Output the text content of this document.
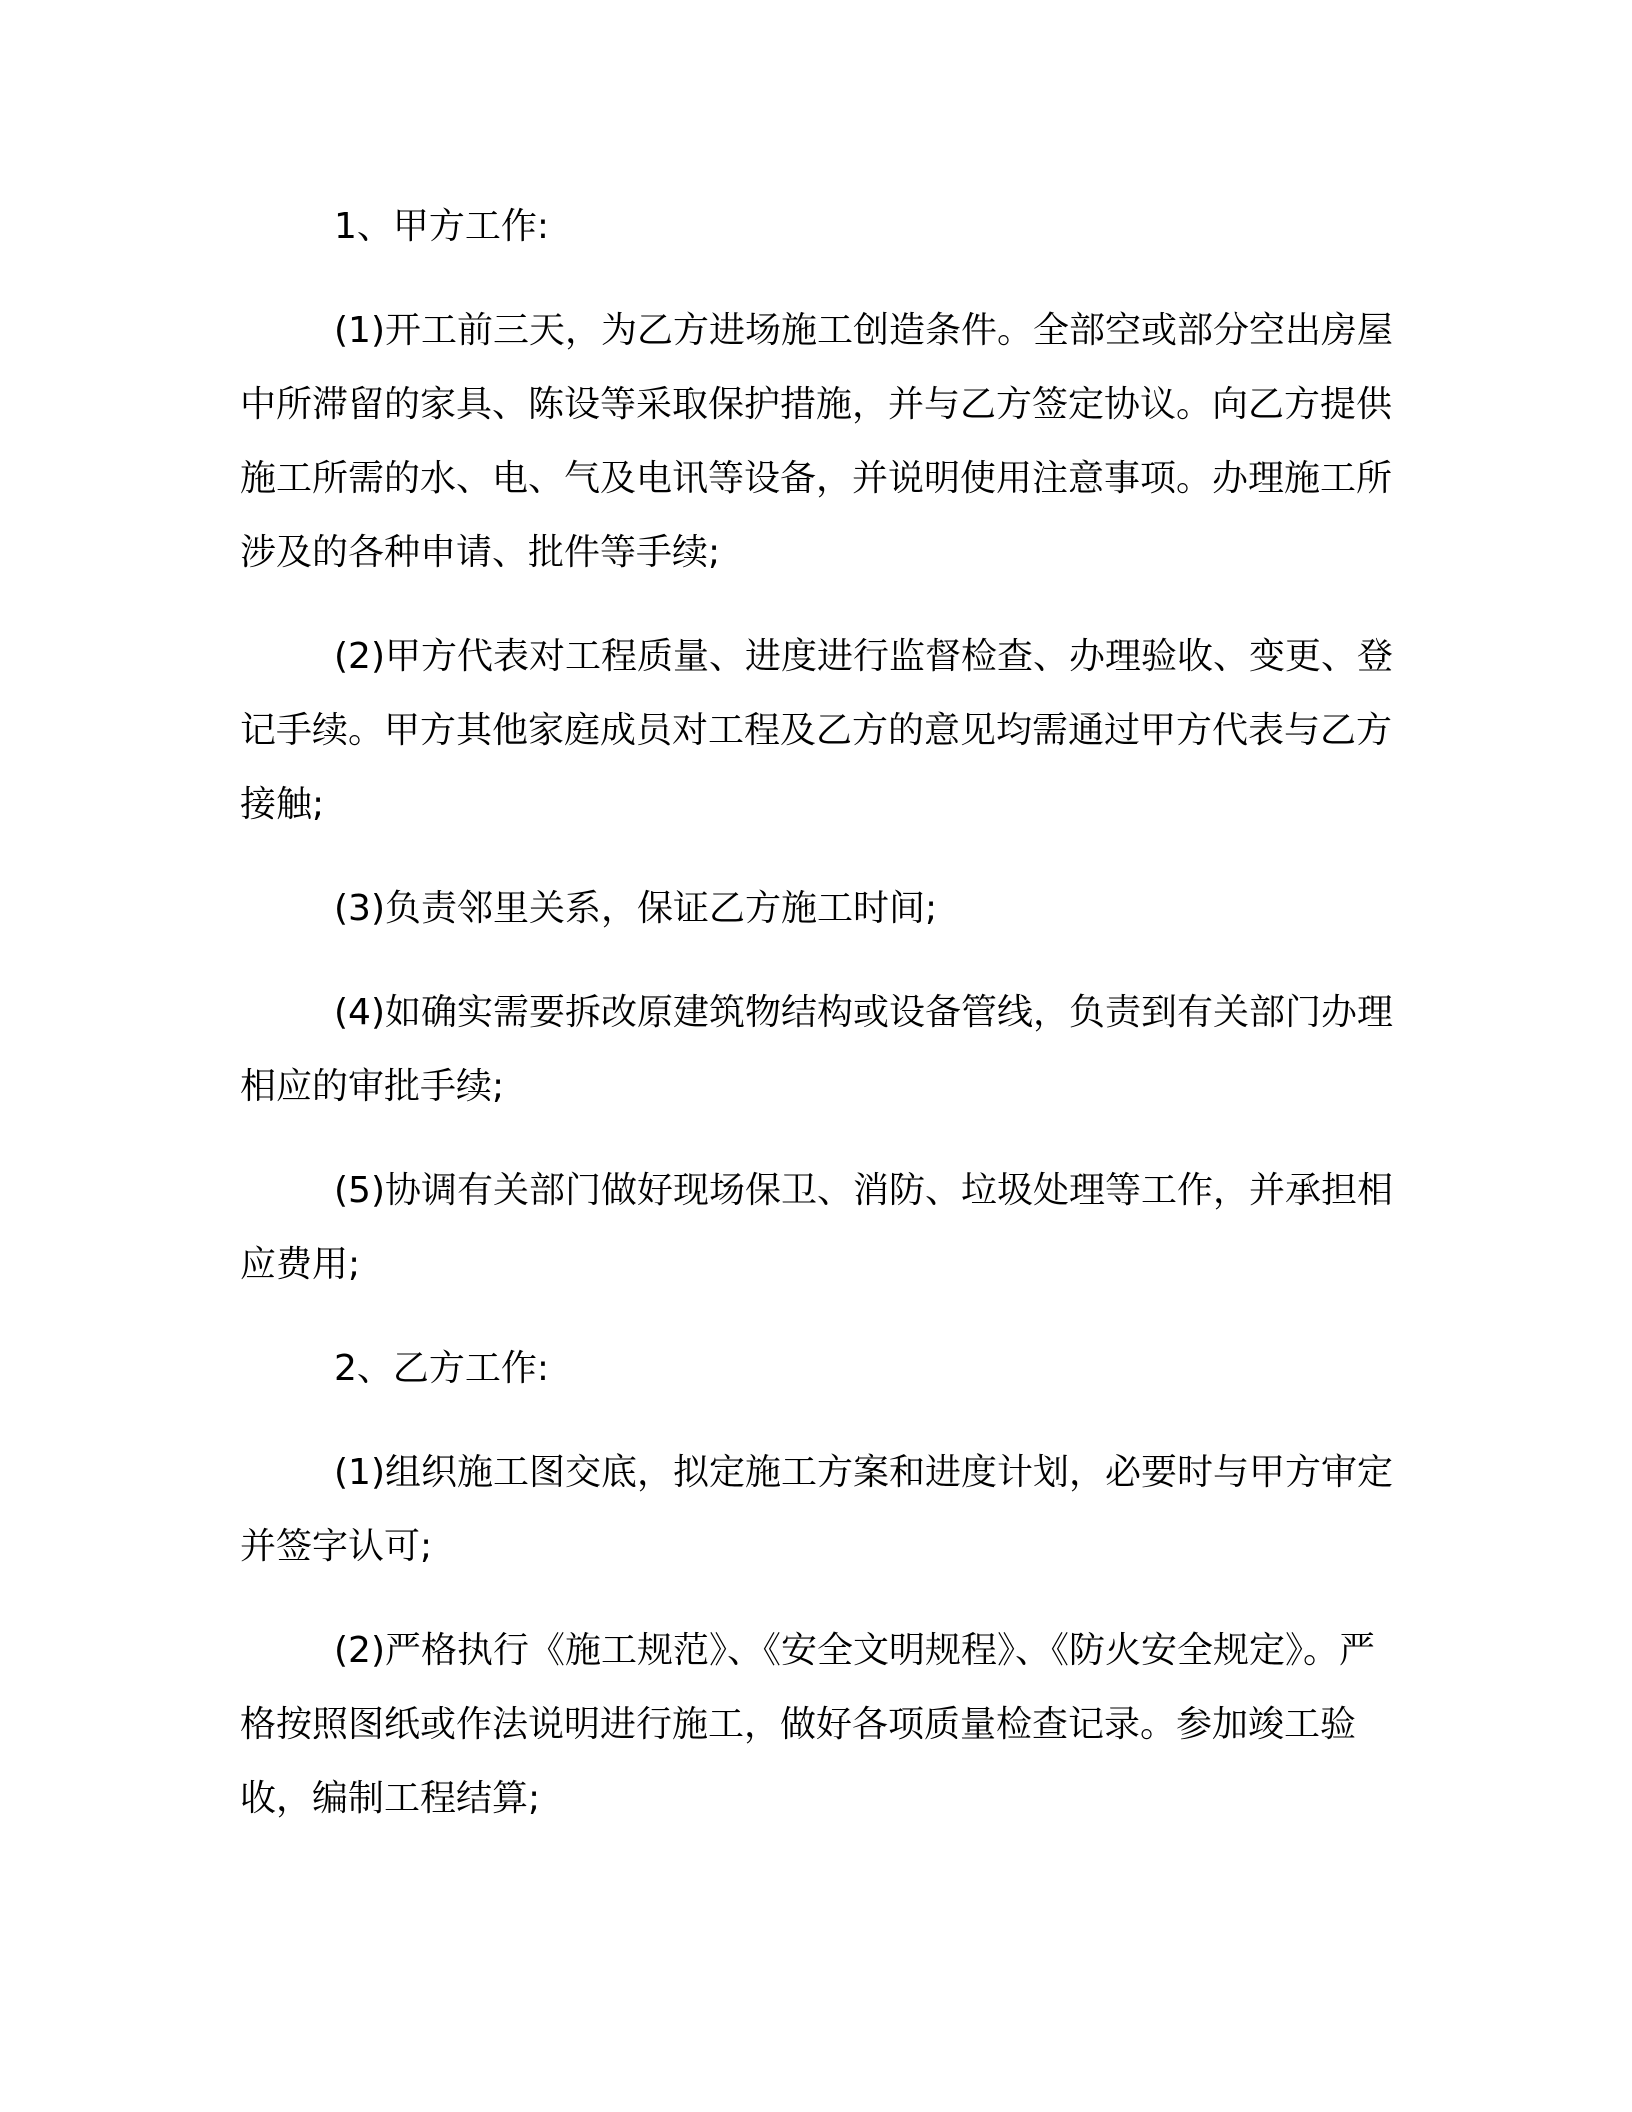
1、甲方工作:

(1)开工前三天，为乙方进场施工创造条件。全部空或部分空出房屋中所滞留的家具、陈设等采取保护措施，并与乙方签定协议。向乙方提供施工所需的水、电、气及电讯等设备，并说明使用注意事项。办理施工所涉及的各种申请、批件等手续;

(2)甲方代表对工程质量、进度进行监督检查、办理验收、变更、登记手续。甲方其他家庭成员对工程及乙方的意见均需通过甲方代表与乙方接触;

(3)负责邻里关系，保证乙方施工时间;

(4)如确实需要拆改原建筑物结构或设备管线，负责到有关部门办理相应的审批手续;

(5)协调有关部门做好现场保卫、消防、垃圾处理等工作，并承担相应费用;

2、乙方工作:

(1)组织施工图交底，拟定施工方案和进度计划，必要时与甲方审定并签字认可;

(2)严格执行《施工规范》、《安全文明规程》、《防火安全规定》。严格按照图纸或作法说明进行施工，做好各项质量检查记录。参加竣工验收，编制工程结算;
